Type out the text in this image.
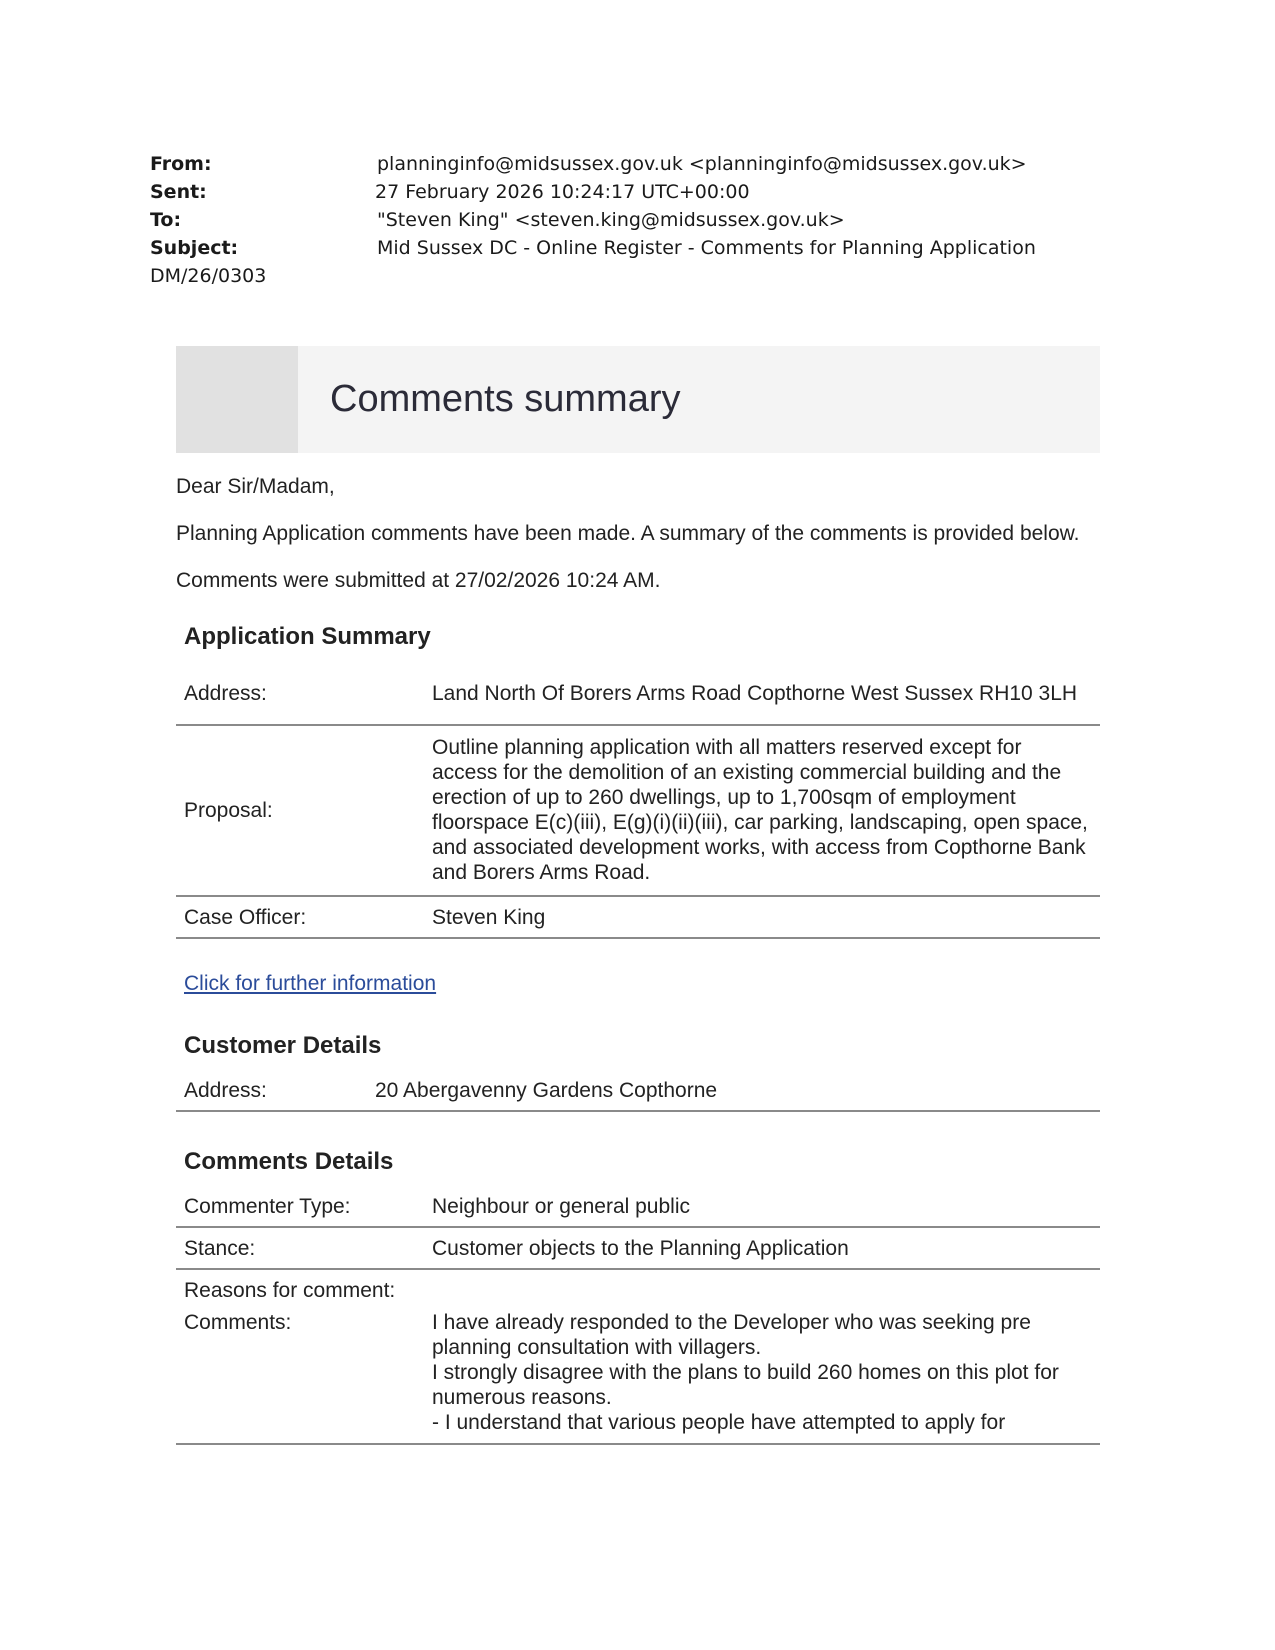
From:	planninginfo@midsussex.gov.uk <planninginfo@midsussex.gov.uk>
Sent:	27 February 2026 10:24:17 UTC+00:00
To:	"Steven King" <steven.king@midsussex.gov.uk>
Subject:	Mid Sussex DC - Online Register - Comments for Planning Application
DM/26/0303
Comments summary

Dear Sir/Madam,

Planning Application comments have been made. A summary of the comments is provided below.

Comments were submitted at 27/02/2026 10:24 AM.

Application Summary
Address:	Land North Of Borers Arms Road Copthorne West Sussex RH10 3LH
Proposal:
Outline planning application with all matters reserved except for access for the demolition of an existing commercial building and the erection of up to 260 dwellings, up to 1,700sqm of employment floorspace E(c)(iii), E(g)(i)(ii)(iii), car parking, landscaping, open space, and associated development works, with access from Copthorne Bank and Borers Arms Road.
Case Officer:	Steven King
Click for further information
Customer Details
Address:	20 Abergavenny Gardens Copthorne
Comments Details
Commenter Type:	Neighbour or general public
Stance:	Customer objects to the Planning Application
Reasons for comment:
Comments:	I have already responded to the Developer who was seeking pre planning consultation with villagers.
I strongly disagree with the plans to build 260 homes on this plot for numerous reasons.
- I understand that various people have attempted to apply for
